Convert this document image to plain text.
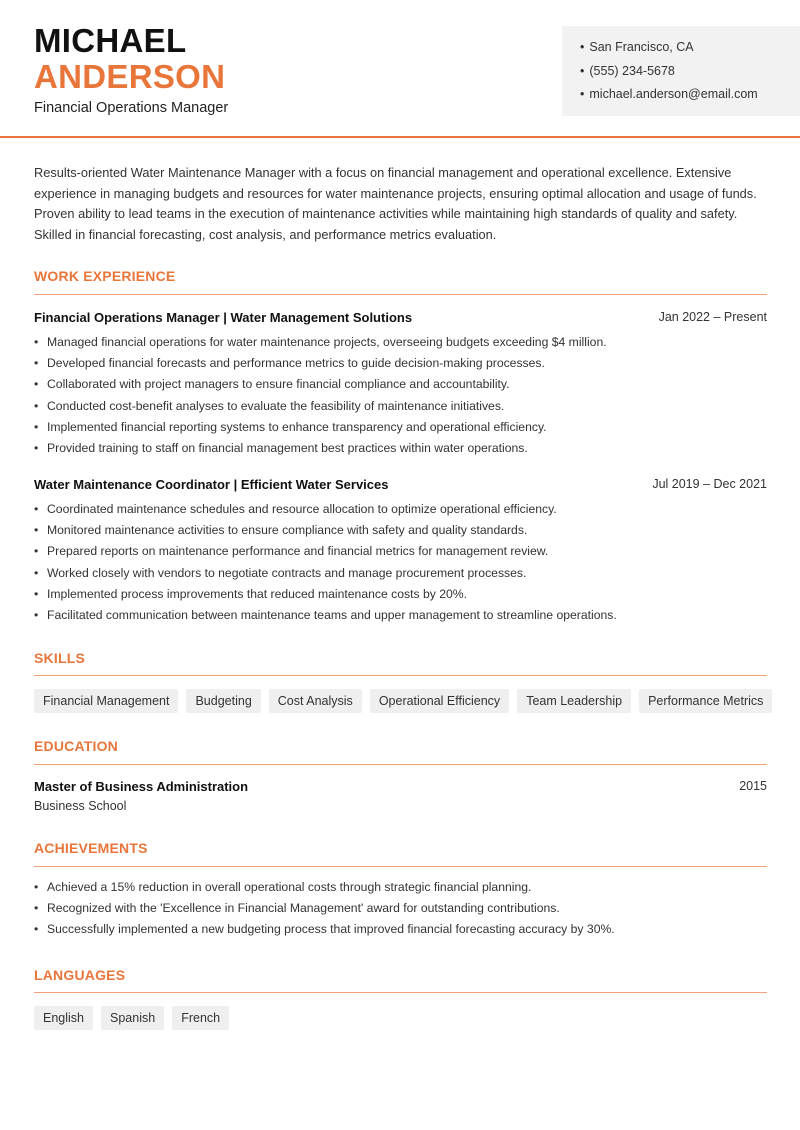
MICHAEL
ANDERSON
Financial Operations Manager
• San Francisco, CA
• (555) 234-5678
• michael.anderson@email.com
Results-oriented Water Maintenance Manager with a focus on financial management and operational excellence. Extensive experience in managing budgets and resources for water maintenance projects, ensuring optimal allocation and usage of funds. Proven ability to lead teams in the execution of maintenance activities while maintaining high standards of quality and safety. Skilled in financial forecasting, cost analysis, and performance metrics evaluation.
WORK EXPERIENCE
Financial Operations Manager | Water Management Solutions	Jan 2022 – Present
• Managed financial operations for water maintenance projects, overseeing budgets exceeding $4 million.
• Developed financial forecasts and performance metrics to guide decision-making processes.
• Collaborated with project managers to ensure financial compliance and accountability.
• Conducted cost-benefit analyses to evaluate the feasibility of maintenance initiatives.
• Implemented financial reporting systems to enhance transparency and operational efficiency.
• Provided training to staff on financial management best practices within water operations.
Water Maintenance Coordinator | Efficient Water Services	Jul 2019 – Dec 2021
• Coordinated maintenance schedules and resource allocation to optimize operational efficiency.
• Monitored maintenance activities to ensure compliance with safety and quality standards.
• Prepared reports on maintenance performance and financial metrics for management review.
• Worked closely with vendors to negotiate contracts and manage procurement processes.
• Implemented process improvements that reduced maintenance costs by 20%.
• Facilitated communication between maintenance teams and upper management to streamline operations.
SKILLS
Financial Management	Budgeting	Cost Analysis	Operational Efficiency	Team Leadership	Performance Metrics
EDUCATION
Master of Business Administration	2015
Business School
ACHIEVEMENTS
• Achieved a 15% reduction in overall operational costs through strategic financial planning.
• Recognized with the 'Excellence in Financial Management' award for outstanding contributions.
• Successfully implemented a new budgeting process that improved financial forecasting accuracy by 30%.
LANGUAGES
English	Spanish	French
